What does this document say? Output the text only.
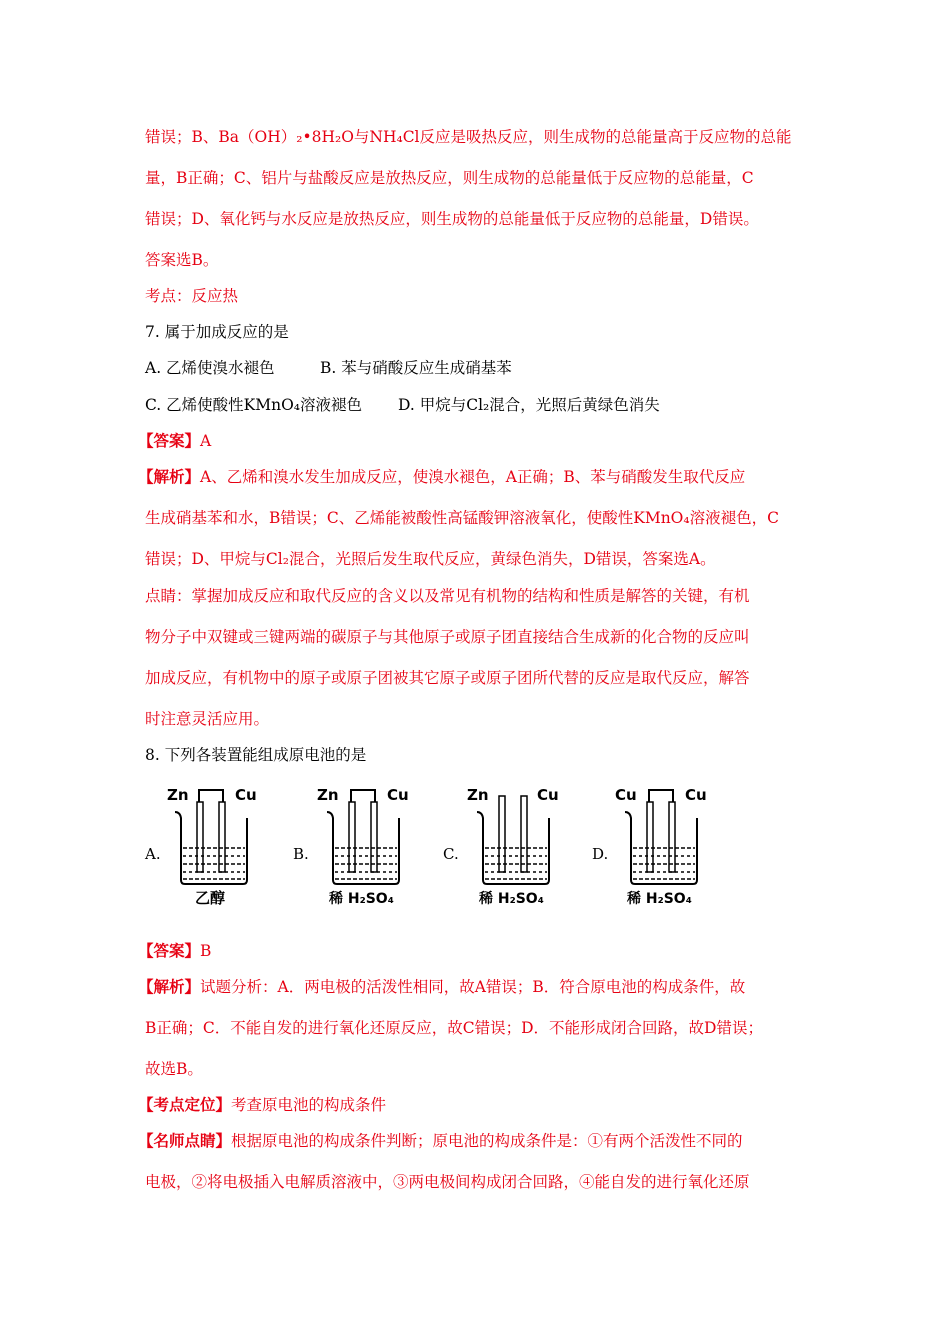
错误；B、Ba（OH）₂•8H₂O与NH₄Cl反应是吸热反应，则生成物的总能量高于反应物的总能
量，B正确；C、铝片与盐酸反应是放热反应，则生成物的总能量低于反应物的总能量，C
错误；D、氧化钙与水反应是放热反应，则生成物的总能量低于反应物的总能量，D错误。
答案选B。
考点：反应热
7. 属于加成反应的是
A. 乙烯使溴水褪色	B. 苯与硝酸反应生成硝基苯
C. 乙烯使酸性KMnO₄溶液褪色 D. 甲烷与Cl₂混合，光照后黄绿色消失
【答案】A
【解析】A、乙烯和溴水发生加成反应，使溴水褪色，A正确；B、苯与硝酸发生取代反应
生成硝基苯和水，B错误；C、乙烯能被酸性高锰酸钾溶液氧化，使酸性KMnO₄溶液褪色，C
错误；D、甲烷与Cl₂混合，光照后发生取代反应，黄绿色消失，D错误，答案选A。
点睛：掌握加成反应和取代反应的含义以及常见有机物的结构和性质是解答的关键，有机
物分子中双键或三键两端的碳原子与其他原子或原子团直接结合生成新的化合物的反应叫
加成反应，有机物中的原子或原子团被其它原子或原子团所代替的反应是取代反应，解答
时注意灵活应用。
8. 下列各装置能组成原电池的是
A.	B.	C.	D.
Zn	Cu
乙醇
Zn	Cu
稀 H₂SO₄
Zn	Cu
稀 H₂SO₄
Cu	Cu
稀 H₂SO₄
【答案】B
【解析】试题分析：A．两电极的活泼性相同，故A错误；B．符合原电池的构成条件，故
B正确；C．不能自发的进行氧化还原反应，故C错误；D．不能形成闭合回路，故D错误；
故选B。
【考点定位】考查原电池的构成条件
【名师点睛】根据原电池的构成条件判断；原电池的构成条件是：①有两个活泼性不同的
电极，②将电极插入电解质溶液中，③两电极间构成闭合回路，④能自发的进行氧化还原
